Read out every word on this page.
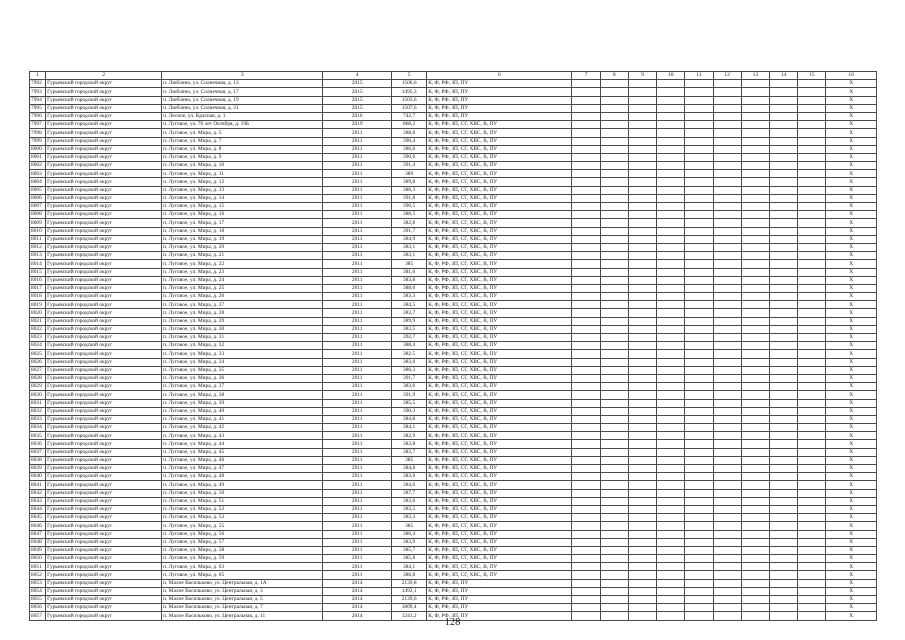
1	2	3	4	5	6	7	8	9	10	11	12	13	14	15	16
7992	Гурьевский городской округ	п. Люблино, ул. Солнечная, д. 13	2015	1506,6	К, Ф, РФ, ЗП, ПУ										X
7993	Гурьевский городской округ	п. Люблино, ул. Солнечная, д. 17	2015	1495,3	К, Ф, РФ, ЗП, ПУ										X
7994	Гурьевский городской округ	п. Люблино, ул. Солнечная, д. 19	2015	1503,6	К, Ф, РФ, ЗП, ПУ										X
7995	Гурьевский городской округ	п. Люблино, ул. Солнечная, д. 21	2015	1507,6	К, Ф, РФ, ЗП, ПУ										X
7996	Гурьевский городской округ	п. Лесное, ул. Красная, д. 1	2016	742,7	К, Ф, РФ, ЗП, ПУ										X
7997	Гурьевский городской округ	п. Луговое, ул. 70 лет Октября, д. 19Б	2019	868,2	К, Ф, РФ, ЗП, СГ, ХВС, В, ПУ										X
7998	Гурьевский городской округ	п. Луговое, ул. Мира, д. 5	2011	388,8	К, Ф, РФ, ЗП, СГ, ХВС, В, ПУ										X
7999	Гурьевский городской округ	п. Луговое, ул. Мира, д. 7	2011	390,4	К, Ф, РФ, ЗП, СГ, ХВС, В, ПУ										X
8000	Гурьевский городской округ	п. Луговое, ул. Мира, д. 8	2011	386,6	К, Ф, РФ, ЗП, СГ, ХВС, В, ПУ										X
8001	Гурьевский городской округ	п. Луговое, ул. Мира, д. 9	2011	390,6	К, Ф, РФ, ЗП, СГ, ХВС, В, ПУ										X
8002	Гурьевский городской округ	п. Луговое, ул. Мира, д. 10	2011	391,4	К, Ф, РФ, ЗП, СГ, ХВС, В, ПУ										X
8003	Гурьевский городской округ	п. Луговое, ул. Мира, д. 11	2011	389	К, Ф, РФ, ЗП, СГ, ХВС, В, ПУ										X
8004	Гурьевский городской округ	п. Луговое, ул. Мира, д. 12	2011	389,8	К, Ф, РФ, ЗП, СГ, ХВС, В, ПУ										X
8005	Гурьевский городской округ	п. Луговое, ул. Мира, д. 13	2011	386,3	К, Ф, РФ, ЗП, СГ, ХВС, В, ПУ										X
8006	Гурьевский городской округ	п. Луговое, ул. Мира, д. 14	2011	391,8	К, Ф, РФ, ЗП, СГ, ХВС, В, ПУ										X
8007	Гурьевский городской округ	п. Луговое, ул. Мира, д. 15	2011	390,5	К, Ф, РФ, ЗП, СГ, ХВС, В, ПУ										X
8008	Гурьевский городской округ	п. Луговое, ул. Мира, д. 16	2011	388,5	К, Ф, РФ, ЗП, СГ, ХВС, В, ПУ										X
8009	Гурьевский городской округ	п. Луговое, ул. Мира, д. 17	2011	382,8	К, Ф, РФ, ЗП, СГ, ХВС, В, ПУ										X
8010	Гурьевский городской округ	п. Луговое, ул. Мира, д. 18	2011	391,7	К, Ф, РФ, ЗП, СГ, ХВС, В, ПУ										X
8011	Гурьевский городской округ	п. Луговое, ул. Мира, д. 19	2011	384,9	К, Ф, РФ, ЗП, СГ, ХВС, В, ПУ										X
8012	Гурьевский городской округ	п. Луговое, ул. Мира, д. 20	2011	383,1	К, Ф, РФ, ЗП, СГ, ХВС, В, ПУ										X
8013	Гурьевский городской округ	п. Луговое, ул. Мира, д. 21	2011	383,1	К, Ф, РФ, ЗП, СГ, ХВС, В, ПУ										X
8014	Гурьевский городской округ	п. Луговое, ул. Мира, д. 22	2011	385	К, Ф, РФ, ЗП, СГ, ХВС, В, ПУ										X
8015	Гурьевский городской округ	п. Луговое, ул. Мира, д. 23	2011	381,6	К, Ф, РФ, ЗП, СГ, ХВС, В, ПУ										X
8016	Гурьевский городской округ	п. Луговое, ул. Мира, д. 24	2011	383,8	К, Ф, РФ, ЗП, СГ, ХВС, В, ПУ										X
8017	Гурьевский городской округ	п. Луговое, ул. Мира, д. 25	2011	388,6	К, Ф, РФ, ЗП, СГ, ХВС, В, ПУ										X
8018	Гурьевский городской округ	п. Луговое, ул. Мира, д. 26	2011	383,3	К, Ф, РФ, ЗП, СГ, ХВС, В, ПУ										X
8019	Гурьевский городской округ	п. Луговое, ул. Мира, д. 27	2011	384,5	К, Ф, РФ, ЗП, СГ, ХВС, В, ПУ										X
8020	Гурьевский городской округ	п. Луговое, ул. Мира, д. 28	2011	383,7	К, Ф, РФ, ЗП, СГ, ХВС, В, ПУ										X
8021	Гурьевский городской округ	п. Луговое, ул. Мира, д. 29	2011	389,9	К, Ф, РФ, ЗП, СГ, ХВС, В, ПУ										X
8022	Гурьевский городской округ	п. Луговое, ул. Мира, д. 30	2011	383,5	К, Ф, РФ, ЗП, СГ, ХВС, В, ПУ										X
8023	Гурьевский городской округ	п. Луговое, ул. Мира, д. 31	2011	392,7	К, Ф, РФ, ЗП, СГ, ХВС, В, ПУ										X
8024	Гурьевский городской округ	п. Луговое, ул. Мира, д. 32	2011	388,4	К, Ф, РФ, ЗП, СГ, ХВС, В, ПУ										X
8025	Гурьевский городской округ	п. Луговое, ул. Мира, д. 33	2011	382,5	К, Ф, РФ, ЗП, СГ, ХВС, В, ПУ										X
8026	Гурьевский городской округ	п. Луговое, ул. Мира, д. 34	2011	383,6	К, Ф, РФ, ЗП, СГ, ХВС, В, ПУ										X
8027	Гурьевский городской округ	п. Луговое, ул. Мира, д. 35	2011	386,3	К, Ф, РФ, ЗП, СГ, ХВС, В, ПУ										X
8028	Гурьевский городской округ	п. Луговое, ул. Мира, д. 36	2011	391,7	К, Ф, РФ, ЗП, СГ, ХВС, В, ПУ										X
8029	Гурьевский городской округ	п. Луговое, ул. Мира, д. 37	2011	383,6	К, Ф, РФ, ЗП, СГ, ХВС, В, ПУ										X
8030	Гурьевский городской округ	п. Луговое, ул. Мира, д. 38	2011	391,9	К, Ф, РФ, ЗП, СГ, ХВС, В, ПУ										X
8031	Гурьевский городской округ	п. Луговое, ул. Мира, д. 39	2011	385,5	К, Ф, РФ, ЗП, СГ, ХВС, В, ПУ										X
8032	Гурьевский городской округ	п. Луговое, ул. Мира, д. 40	2011	390,3	К, Ф, РФ, ЗП, СГ, ХВС, В, ПУ										X
8033	Гурьевский городской округ	п. Луговое, ул. Мира, д. 41	2011	384,8	К, Ф, РФ, ЗП, СГ, ХВС, В, ПУ										X
8034	Гурьевский городской округ	п. Луговое, ул. Мира, д. 42	2011	384,1	К, Ф, РФ, ЗП, СГ, ХВС, В, ПУ										X
8035	Гурьевский городской округ	п. Луговое, ул. Мира, д. 43	2011	382,9	К, Ф, РФ, ЗП, СГ, ХВС, В, ПУ										X
8036	Гурьевский городской округ	п. Луговое, ул. Мира, д. 44	2011	383,8	К, Ф, РФ, ЗП, СГ, ХВС, В, ПУ										X
8037	Гурьевский городской округ	п. Луговое, ул. Мира, д. 45	2011	383,7	К, Ф, РФ, ЗП, СГ, ХВС, В, ПУ										X
8038	Гурьевский городской округ	п. Луговое, ул. Мира, д. 46	2011	385	К, Ф, РФ, ЗП, СГ, ХВС, В, ПУ										X
8039	Гурьевский городской округ	п. Луговое, ул. Мира, д. 47	2011	384,8	К, Ф, РФ, ЗП, СГ, ХВС, В, ПУ										X
8040	Гурьевский городской округ	п. Луговое, ул. Мира, д. 48	2011	383,6	К, Ф, РФ, ЗП, СГ, ХВС, В, ПУ										X
8041	Гурьевский городской округ	п. Луговое, ул. Мира, д. 49	2011	384,6	К, Ф, РФ, ЗП, СГ, ХВС, В, ПУ										X
8042	Гурьевский городской округ	п. Луговое, ул. Мира, д. 50	2011	387,7	К, Ф, РФ, ЗП, СГ, ХВС, В, ПУ										X
8043	Гурьевский городской округ	п. Луговое, ул. Мира, д. 51	2011	383,6	К, Ф, РФ, ЗП, СГ, ХВС, В, ПУ										X
8044	Гурьевский городской округ	п. Луговое, ул. Мира, д. 52	2011	383,5	К, Ф, РФ, ЗП, СГ, ХВС, В, ПУ										X
8045	Гурьевский городской округ	п. Луговое, ул. Мира, д. 53	2011	383,3	К, Ф, РФ, ЗП, СГ, ХВС, В, ПУ										X
8046	Гурьевский городской округ	п. Луговое, ул. Мира, д. 55	2011	385	К, Ф, РФ, ЗП, СГ, ХВС, В, ПУ										X
8047	Гурьевский городской округ	п. Луговое, ул. Мира, д. 56	2011	386,4	К, Ф, РФ, ЗП, СГ, ХВС, В, ПУ										X
8048	Гурьевский городской округ	п. Луговое, ул. Мира, д. 57	2011	383,9	К, Ф, РФ, ЗП, СГ, ХВС, В, ПУ										X
8049	Гурьевский городской округ	п. Луговое, ул. Мира, д. 58	2011	385,7	К, Ф, РФ, ЗП, СГ, ХВС, В, ПУ										X
8050	Гурьевский городской округ	п. Луговое, ул. Мира, д. 59	2011	385,8	К, Ф, РФ, ЗП, СГ, ХВС, В, ПУ										X
8051	Гурьевский городской округ	п. Луговое, ул. Мира, д. 63	2011	384,1	К, Ф, РФ, ЗП, СГ, ХВС, В, ПУ										X
8052	Гурьевский городской округ	п. Луговое, ул. Мира, д. 65	2011	386,8	К, Ф, РФ, ЗП, СГ, ХВС, В, ПУ										X
8053	Гурьевский городской округ	п. Малое Васильково, ул. Центральная, д. 1А	2014	2139,8	К, Ф, РФ, ЗП, ПУ										X
8054	Гурьевский городской округ	п. Малое Васильково, ул. Центральная, д. 3	2014	1492,1	К, Ф, РФ, ЗП, ПУ										X
8055	Гурьевский городской округ	п. Малое Васильково, ул. Центральная, д. 5	2014	2139,6	К, Ф, РФ, ЗП, ПУ										X
8056	Гурьевский городской округ	п. Малое Васильково, ул. Центральная, д. 7	2014	1809,4	К, Ф, РФ, ЗП, ПУ										X
8057	Гурьевский городской округ	п. Малое Васильково, ул. Центральная, д. 11	2014	1241,2	К, Ф, РФ, ЗП, ПУ										X
128
